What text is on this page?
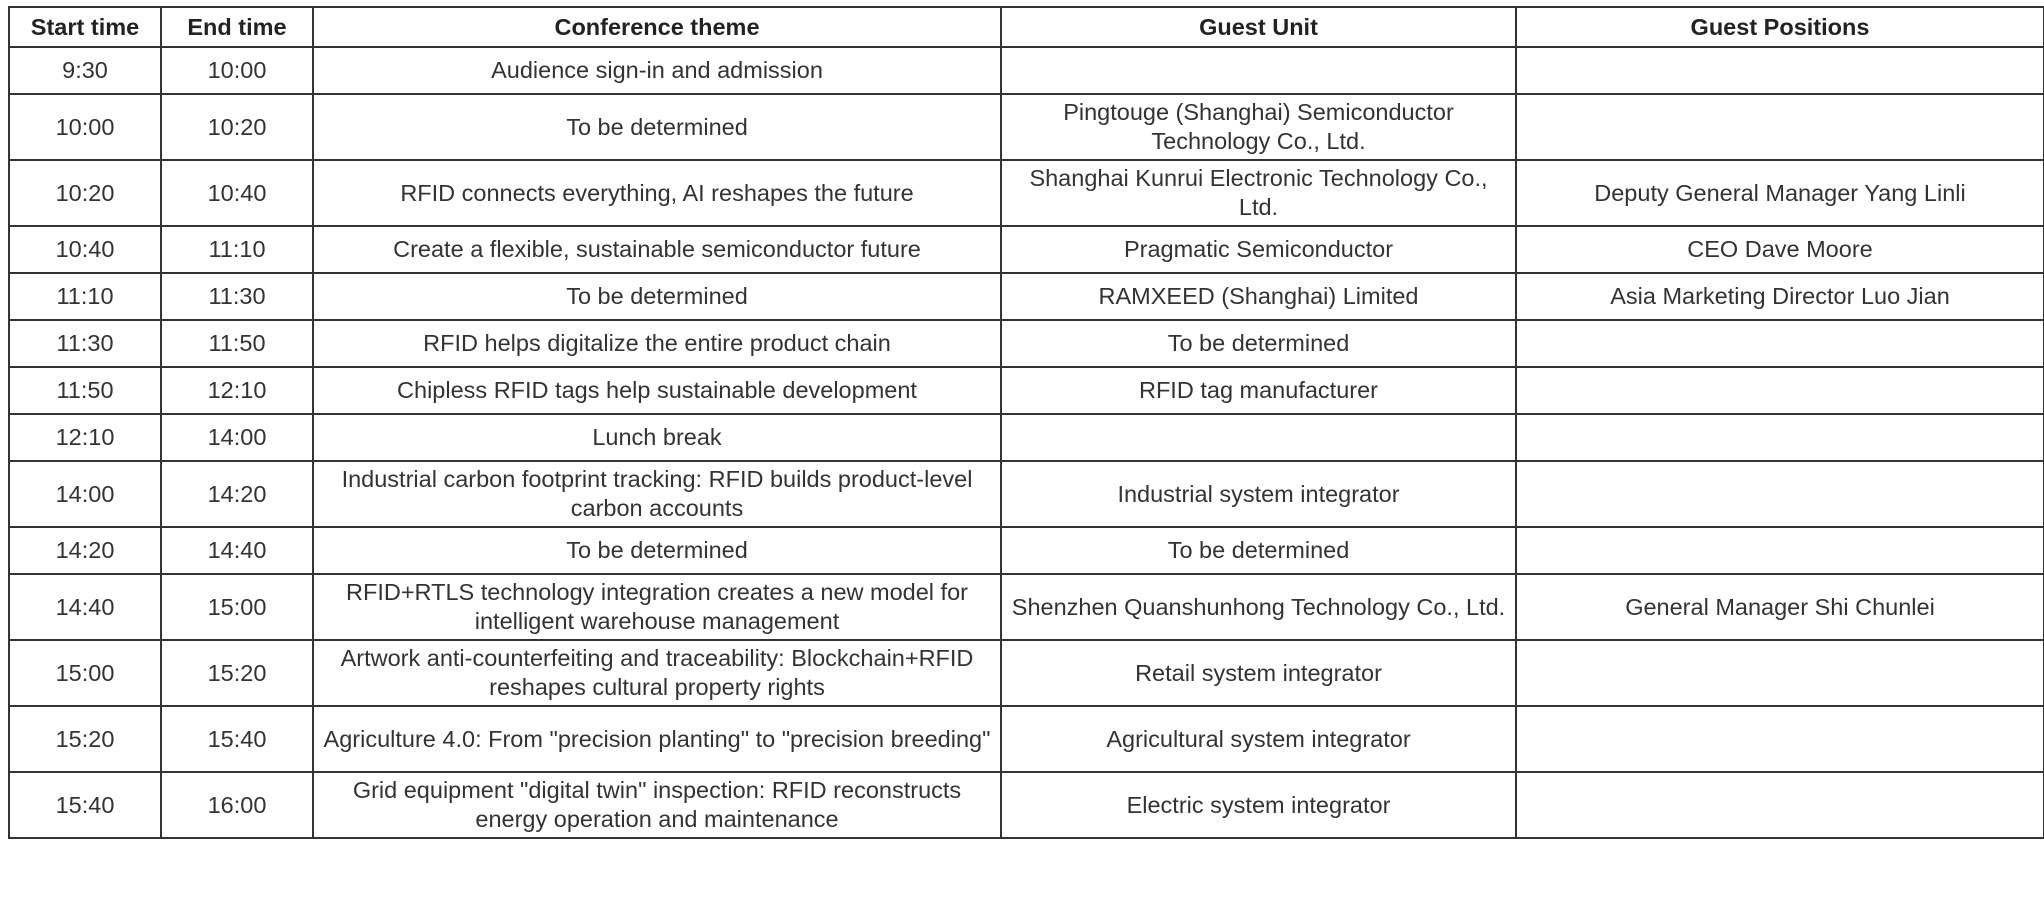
Start time	End time	Conference theme	Guest Unit	Guest Positions
9:30	10:00	Audience sign-in and admission		
10:00	10:20	To be determined	Pingtouge (Shanghai) Semiconductor Technology Co., Ltd.	
10:20	10:40	RFID connects everything, AI reshapes the future	Shanghai Kunrui Electronic Technology Co., Ltd.	Deputy General Manager Yang Linli
10:40	11:10	Create a flexible, sustainable semiconductor future	Pragmatic Semiconductor	CEO Dave Moore
11:10	11:30	To be determined	RAMXEED (Shanghai) Limited	Asia Marketing Director Luo Jian
11:30	11:50	RFID helps digitalize the entire product chain	To be determined	
11:50	12:10	Chipless RFID tags help sustainable development	RFID tag manufacturer	
12:10	14:00	Lunch break		
14:00	14:20	Industrial carbon footprint tracking: RFID builds product-level carbon accounts	Industrial system integrator	
14:20	14:40	To be determined	To be determined	
14:40	15:00	RFID+RTLS technology integration creates a new model for intelligent warehouse management	Shenzhen Quanshunhong Technology Co., Ltd.	General Manager Shi Chunlei
15:00	15:20	Artwork anti-counterfeiting and traceability: Blockchain+RFID reshapes cultural property rights	Retail system integrator	
15:20	15:40	Agriculture 4.0: From "precision planting" to "precision breeding"	Agricultural system integrator	
15:40	16:00	Grid equipment "digital twin" inspection: RFID reconstructs energy operation and maintenance	Electric system integrator	
